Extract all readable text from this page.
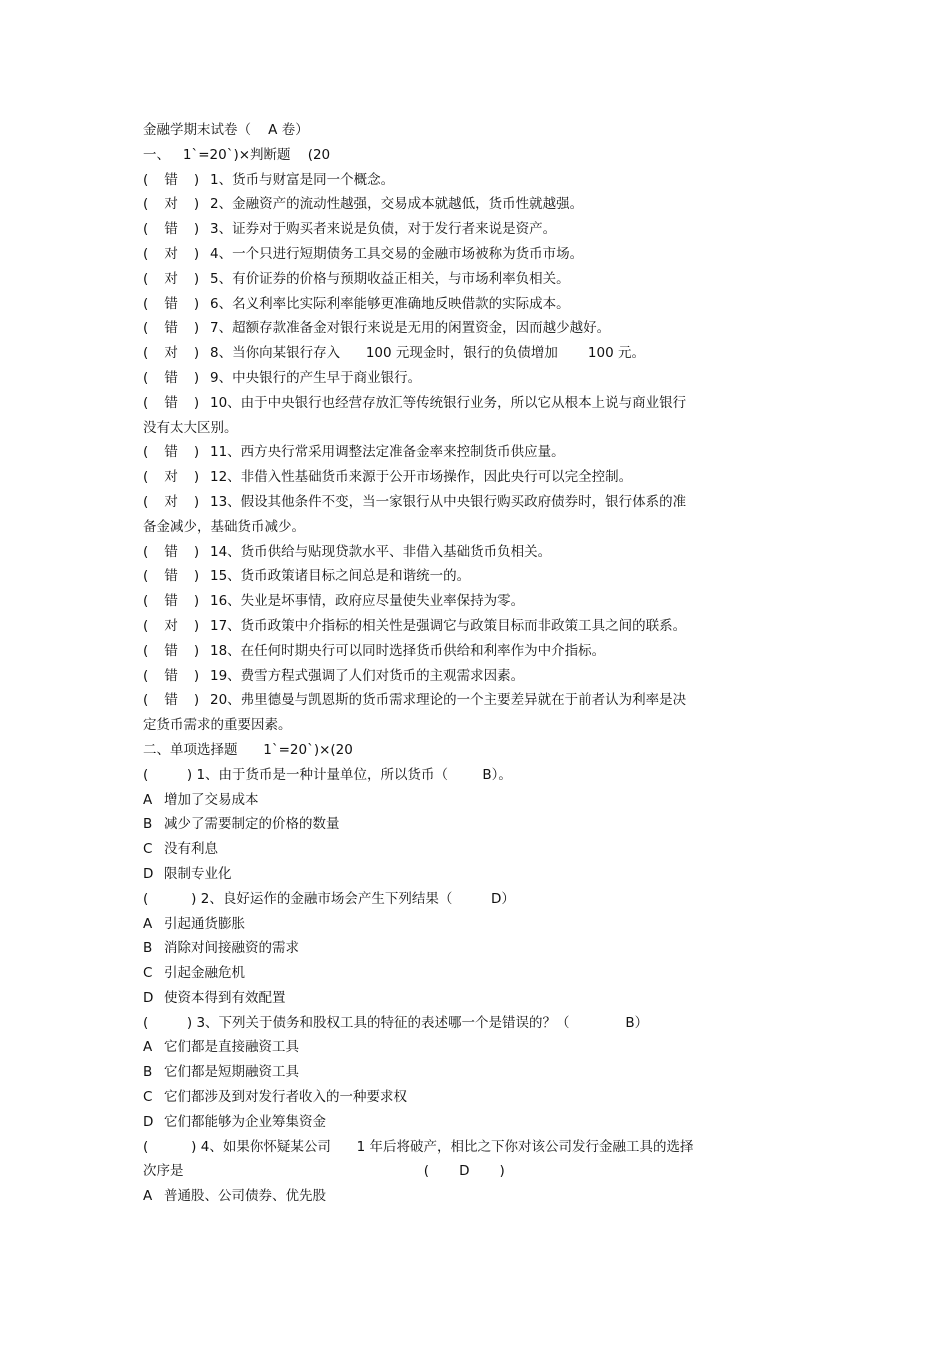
金融学期末试卷（    A 卷）
一、   1`=20`)×判断题    (20
( 错 ) 1、货币与财富是同一个概念。
( 对 ) 2、金融资产的流动性越强，交易成本就越低，货币性就越强。
( 错 ) 3、证券对于购买者来说是负债，对于发行者来说是资产。
( 对 ) 4、一个只进行短期债务工具交易的金融市场被称为货币市场。
( 对 ) 5、有价证券的价格与预期收益正相关，与市场利率负相关。
( 错 ) 6、名义利率比实际利率能够更准确地反映借款的实际成本。
( 错 ) 7、超额存款准备金对银行来说是无用的闲置资金，因而越少越好。
( 对 ) 8、当你向某银行存入      100 元现金时，银行的负债增加       100 元。
( 错 ) 9、中央银行的产生早于商业银行。
( 错 ) 10、由于中央银行也经营存放汇等传统银行业务，所以它从根本上说与商业银行
没有太大区别。
( 错 ) 11、西方央行常采用调整法定准备金率来控制货币供应量。
( 对 ) 12、非借入性基础货币来源于公开市场操作，因此央行可以完全控制。
( 对 ) 13、假设其他条件不变，当一家银行从中央银行购买政府债券时，银行体系的准
备金减少，基础货币减少。
( 错 ) 14、货币供给与贴现贷款水平、非借入基础货币负相关。
( 错 ) 15、货币政策诸目标之间总是和谐统一的。
( 错 ) 16、失业是坏事情，政府应尽量使失业率保持为零。
( 对 ) 17、货币政策中介指标的相关性是强调它与政策目标而非政策工具之间的联系。
( 错 ) 18、在任何时期央行可以同时选择货币供给和利率作为中介指标。
( 错 ) 19、费雪方程式强调了人们对货币的主观需求因素。
( 错 ) 20、弗里德曼与凯恩斯的货币需求理论的一个主要差异就在于前者认为利率是决
定货币需求的重要因素。
二、单项选择题      1`=20`)×(20
(         ) 1、由于货币是一种计量单位，所以货币（        B）。
A 增加了交易成本
B 减少了需要制定的价格的数量
C 没有利息
D 限制专业化
(          ) 2、良好运作的金融市场会产生下列结果（         D）
A 引起通货膨胀
B 消除对间接融资的需求
C 引起金融危机
D 使资本得到有效配置
(         ) 3、下列关于债务和股权工具的特征的表述哪一个是错误的？（             B）
A 它们都是直接融资工具
B 它们都是短期融资工具
C 它们都涉及到对发行者收入的一种要求权
D 它们都能够为企业筹集资金
(          ) 4、如果你怀疑某公司      1 年后将破产，相比之下你对该公司发行金融工具的选择
次序是                                                        (       D       )
A 普通股、公司债券、优先股
